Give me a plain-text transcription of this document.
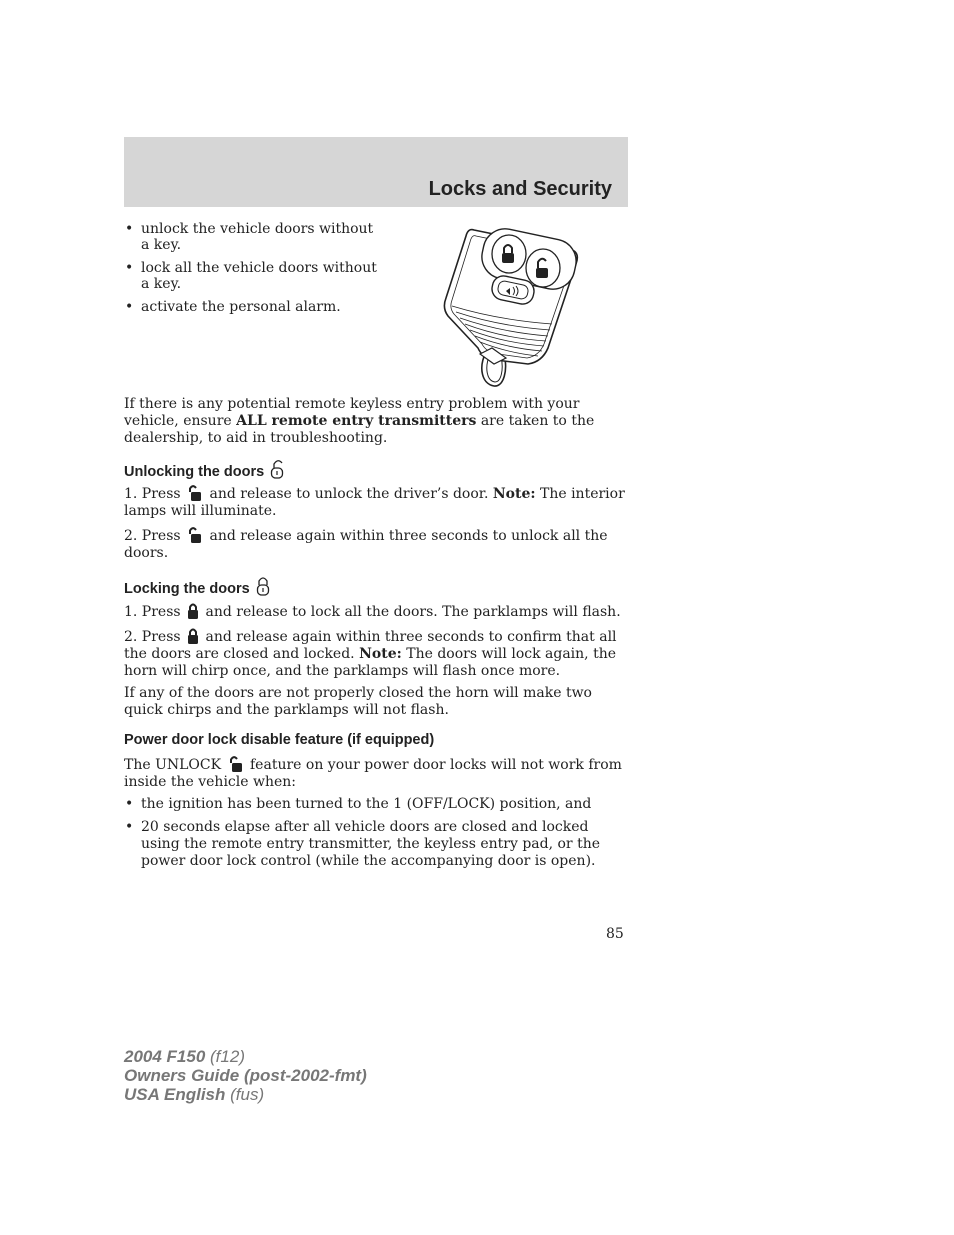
Locks and Security
• unlock the vehicle doors without a key.
• lock all the vehicle doors without a key.
• activate the personal alarm.
If there is any potential remote keyless entry problem with your vehicle, ensure ALL remote entry transmitters are taken to the dealership, to aid in troubleshooting.
Unlocking the doors
1. Press and release to unlock the driver’s door. Note: The interior lamps will illuminate.
2. Press and release again within three seconds to unlock all the doors.
Locking the doors
1. Press and release to lock all the doors. The parklamps will flash.
2. Press and release again within three seconds to confirm that all the doors are closed and locked. Note: The doors will lock again, the horn will chirp once, and the parklamps will flash once more.
If any of the doors are not properly closed the horn will make two quick chirps and the parklamps will not flash.
Power door lock disable feature (if equipped)
The UNLOCK feature on your power door locks will not work from inside the vehicle when:
• the ignition has been turned to the 1 (OFF/LOCK) position, and
• 20 seconds elapse after all vehicle doors are closed and locked using the remote entry transmitter, the keyless entry pad, or the power door lock control (while the accompanying door is open).
85
2004 F150 (f12)
Owners Guide (post-2002-fmt)
USA English (fus)
